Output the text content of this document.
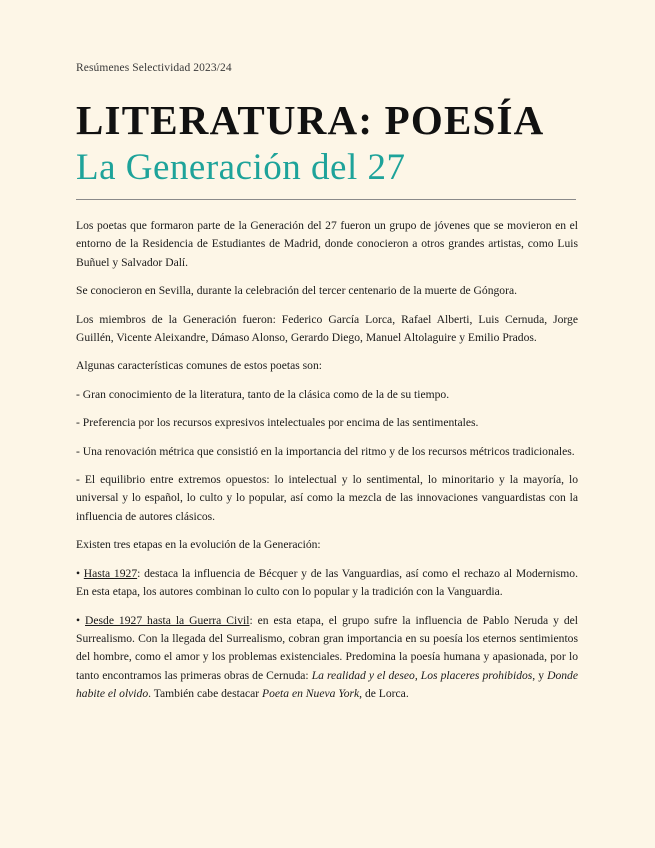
Resúmenes Selectividad 2023/24
LITERATURA: POESÍA
La Generación del 27

Los poetas que formaron parte de la Generación del 27 fueron un grupo de jóvenes que se movieron en el entorno de la Residencia de Estudiantes de Madrid, donde conocieron a otros grandes artistas, como Luis Buñuel y Salvador Dalí.

Se conocieron en Sevilla, durante la celebración del tercer centenario de la muerte de Góngora.

Los miembros de la Generación fueron: Federico García Lorca, Rafael Alberti, Luis Cernuda, Jorge Guillén, Vicente Aleixandre, Dámaso Alonso, Gerardo Diego, Manuel Altolaguire y Emilio Prados.

Algunas características comunes de estos poetas son:

- Gran conocimiento de la literatura, tanto de la clásica como de la de su tiempo.

- Preferencia por los recursos expresivos intelectuales por encima de las sentimentales.

- Una renovación métrica que consistió en la importancia del ritmo y de los recursos métricos tradicionales.

- El equilibrio entre extremos opuestos: lo intelectual y lo sentimental, lo minoritario y la mayoría, lo universal y lo español, lo culto y lo popular, así como la mezcla de las innovaciones vanguardistas con la influencia de autores clásicos.

Existen tres etapas en la evolución de la Generación:

• Hasta 1927: destaca la influencia de Bécquer y de las Vanguardias, así como el rechazo al Modernismo. En esta etapa, los autores combinan lo culto con lo popular y la tradición con la Vanguardia.

• Desde 1927 hasta la Guerra Civil: en esta etapa, el grupo sufre la influencia de Pablo Neruda y del Surrealismo. Con la llegada del Surrealismo, cobran gran importancia en su poesía los eternos sentimientos del hombre, como el amor y los problemas existenciales. Predomina la poesía humana y apasionada, por lo tanto encontramos las primeras obras de Cernuda: La realidad y el deseo, Los placeres prohibidos, y Donde habite el olvido. También cabe destacar Poeta en Nueva York, de Lorca.
